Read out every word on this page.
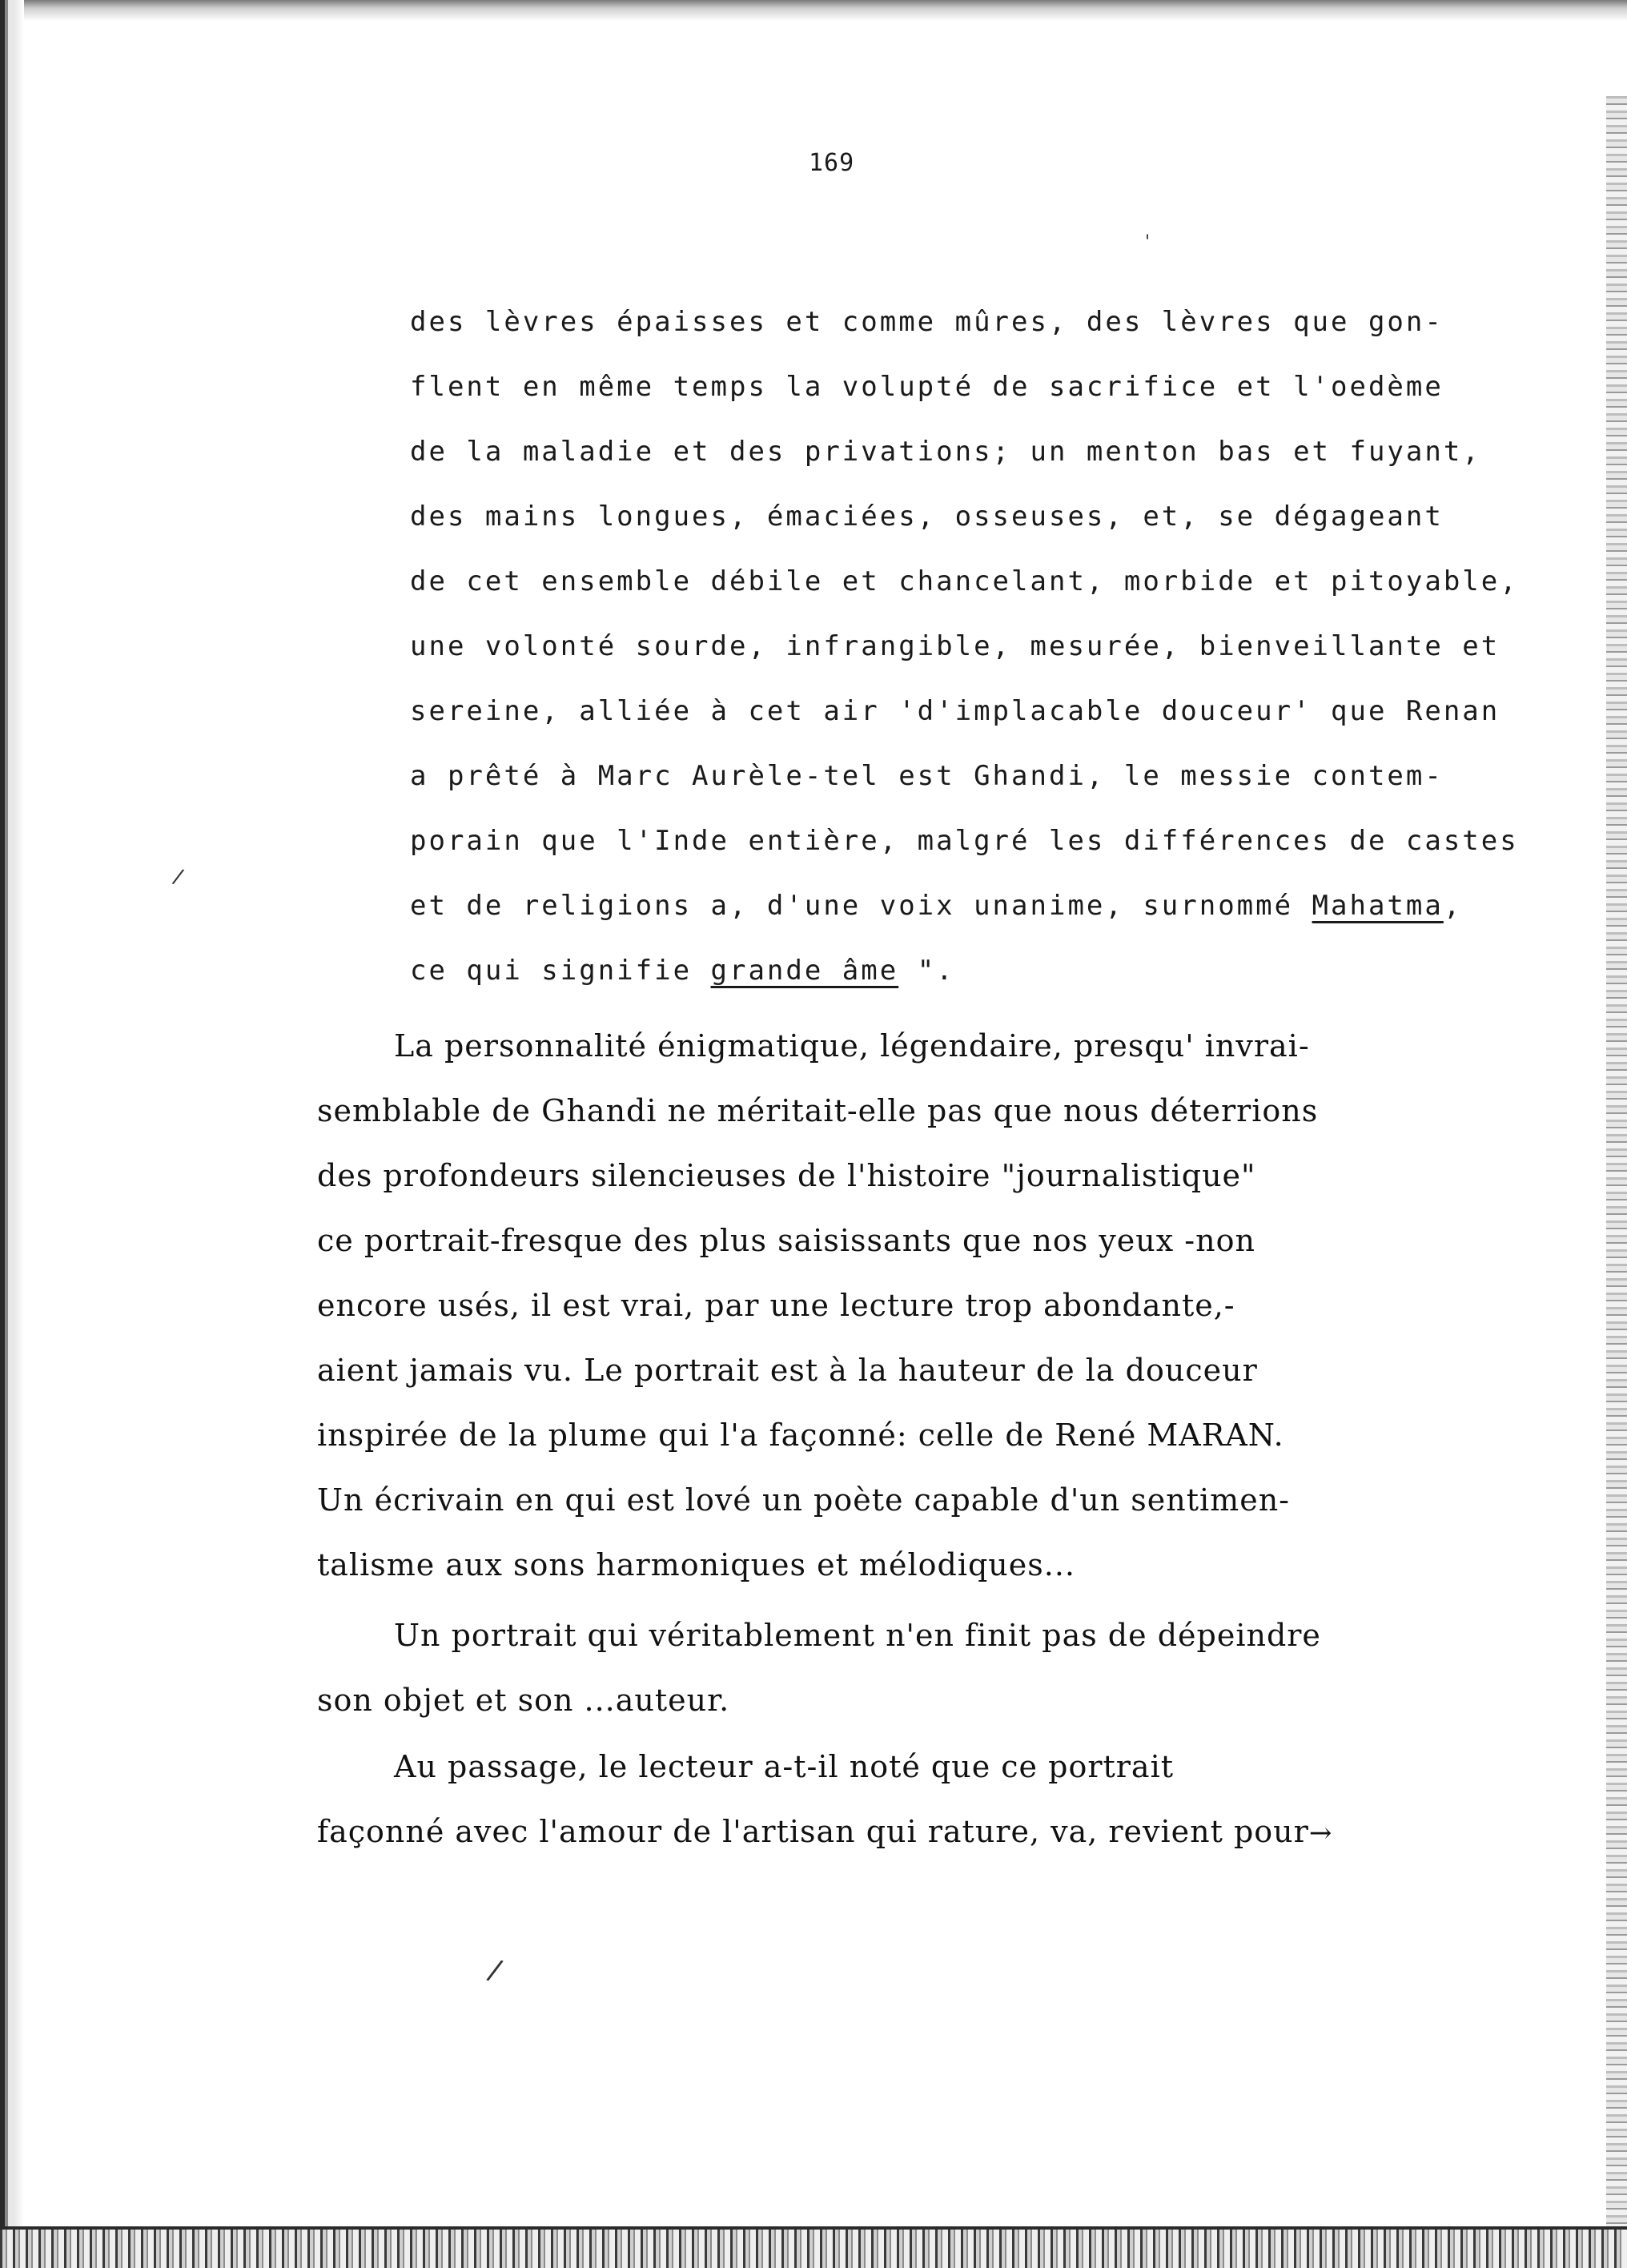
169
des lèvres épaisses et comme mûres, des lèvres que gon-
flent en même temps la volupté de sacrifice et l'oedème
de la maladie et des privations; un menton bas et fuyant,
des mains longues, émaciées, osseuses, et, se dégageant
de cet ensemble débile et chancelant, morbide et pitoyable,
une volonté sourde, infrangible, mesurée, bienveillante et
sereine, alliée à cet air 'd'implacable douceur' que Renan
a prêté à Marc Aurèle-tel est Ghandi, le messie contem-
porain que l'Inde entière, malgré les différences de castes
et de religions a, d'une voix unanime, surnommé Mahatma,
ce qui signifie grande âme ".
La personnalité énigmatique, légendaire, presqu' invrai-
semblable de Ghandi ne méritait-elle pas que nous déterrions
des profondeurs silencieuses de l'histoire "journalistique"
ce portrait-fresque des plus saisissants que nos yeux -non
encore usés, il est vrai, par une lecture trop abondante,-
aient jamais vu. Le portrait est à la hauteur de la douceur
inspirée de la plume qui l'a façonné: celle de René MARAN.
Un écrivain en qui est lové un poète capable d'un sentimen-
talisme aux sons harmoniques et mélodiques...
Un portrait qui véritablement n'en finit pas de dépeindre
son objet et son ...auteur.
Au passage, le lecteur a-t-il noté que ce portrait
façonné avec l'amour de l'artisan qui rature, va, revient pour→
/
'
/
